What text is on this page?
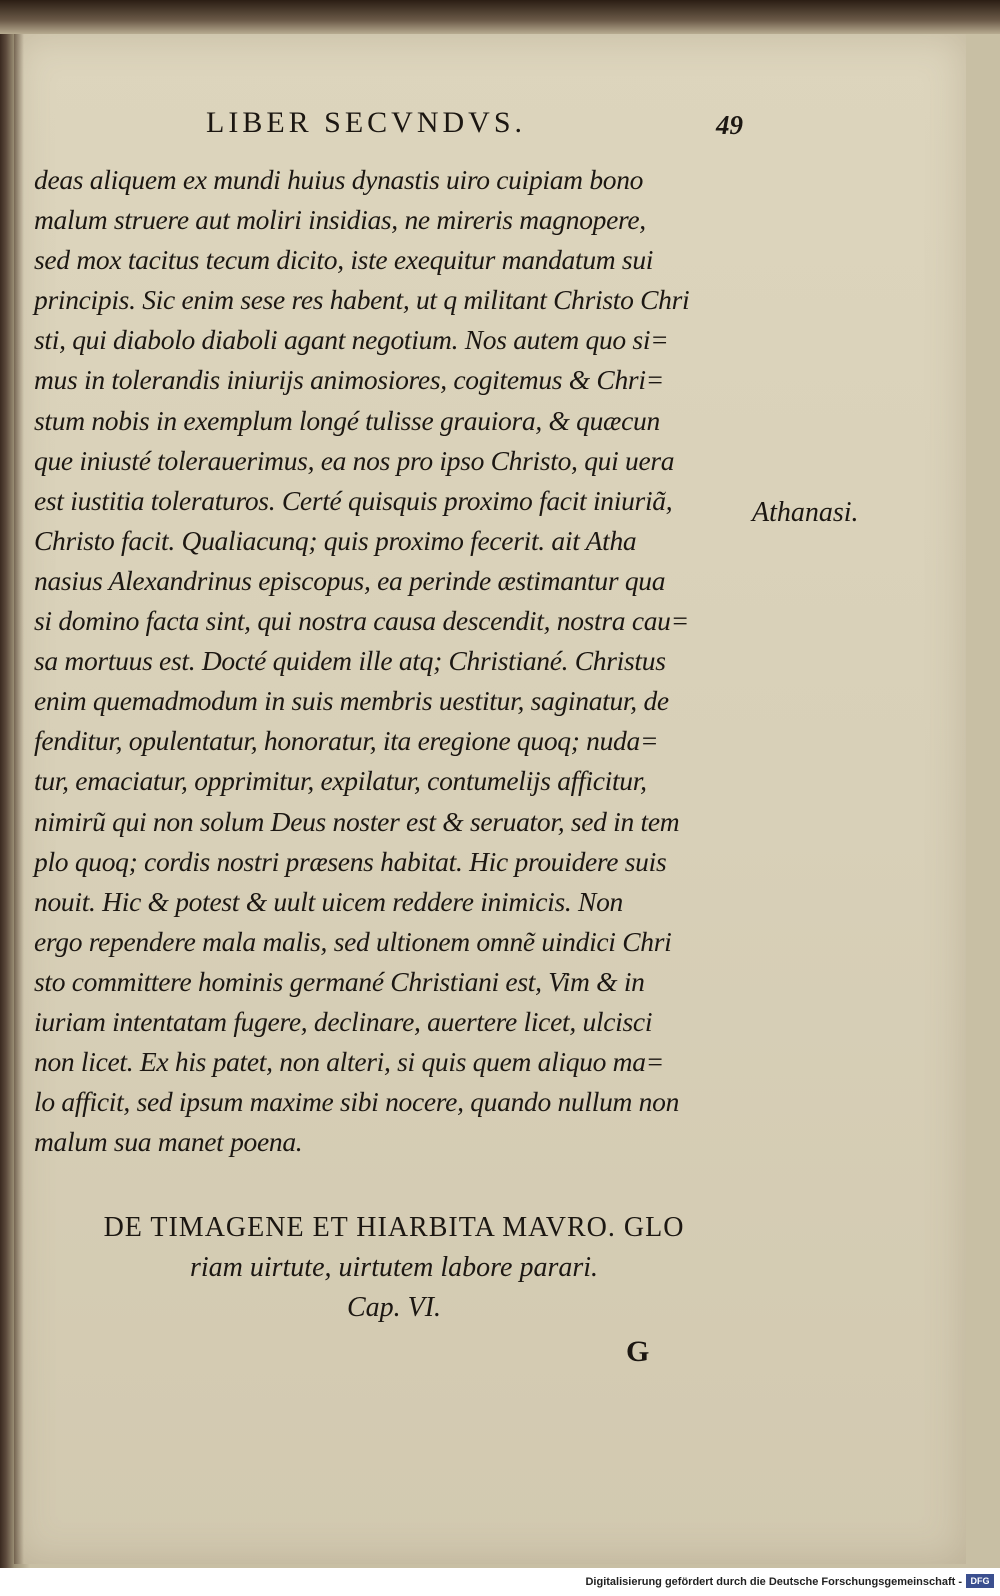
LIBER SECVNDVS.	49
deas aliquem ex mundi huius dynastis uiro cuipiam bono
malum struere aut moliri insidias, ne mireris magnopere,
sed mox tacitus tecum dicito, iste exequitur mandatum sui
principis. Sic enim sese res habent, ut q militant Christo Chri
sti, qui diabolo diaboli agant negotium. Nos autem quo si=
mus in tolerandis iniurijs animosiores, cogitemus & Chri=
stum nobis in exemplum longé tulisse grauiora, & quæcun
que iniusté tolerauerimus, ea nos pro ipso Christo, qui uera
est iustitia toleraturos. Certé quisquis proximo facit iniuriã,
Christo facit. Qualiacunq; quis proximo fecerit. ait Atha
nasius Alexandrinus episcopus, ea perinde æstimantur qua
si domino facta sint, qui nostra causa descendit, nostra cau=
sa mortuus est. Docté quidem ille atq; Christiané. Christus
enim quemadmodum in suis membris uestitur, saginatur, de
fenditur, opulentatur, honoratur, ita eregione quoq; nuda=
tur, emaciatur, opprimitur, expilatur, contumelijs afficitur,
nimirũ qui non solum Deus noster est & seruator, sed in tem
plo quoq; cordis nostri præsens habitat. Hic prouidere suis
nouit. Hic & potest & uult uicem reddere inimicis. Non
ergo rependere mala malis, sed ultionem omnẽ uindici Chri
sto committere hominis germané Christiani est, Vim & in
iuriam intentatam fugere, declinare, auertere licet, ulcisci
non licet. Ex his patet, non alteri, si quis quem aliquo ma=
lo afficit, sed ipsum maxime sibi nocere, quando nullum non
malum sua manet poena.
Athanasi.
DE TIMAGENE ET HIARBITA MAVRO. GLO
riam uirtute, uirtutem labore parari.
Cap. VI.
G
Digitalisierung gefördert durch die Deutsche Forschungsgemeinschaft - DFG
